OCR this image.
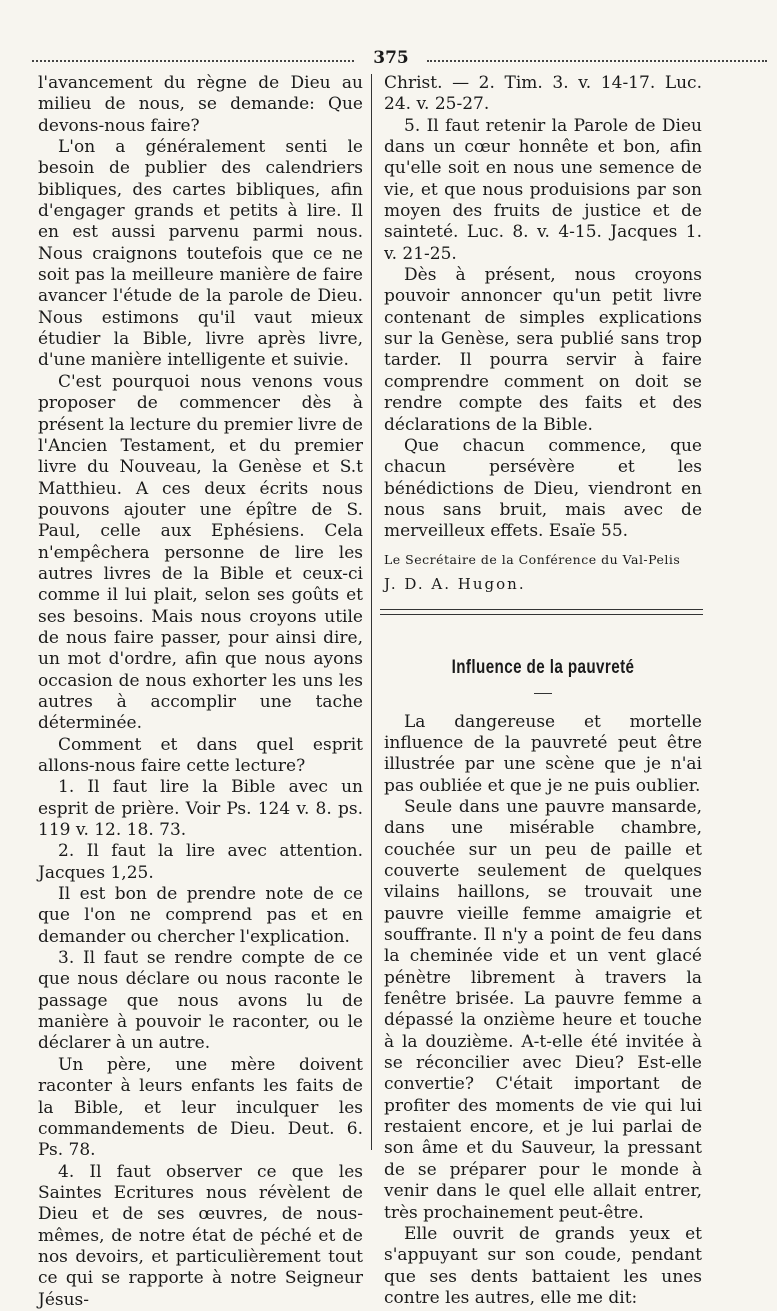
375

l'avancement du règne de Dieu au milieu de nous, se demande: Que devons-nous faire?

L'on a généralement senti le besoin de publier des calendriers bibliques, des cartes bibliques, afin d'engager grands et petits à lire. Il en est aussi parvenu parmi nous. Nous craignons toutefois que ce ne soit pas la meilleure manière de faire avancer l'étude de la parole de Dieu. Nous estimons qu'il vaut mieux étudier la Bible, livre après livre, d'une manière intelligente et suivie.

C'est pourquoi nous venons vous proposer de commencer dès à présent la lecture du premier livre de l'Ancien Testament, et du premier livre du Nouveau, la Genèse et S.t Matthieu. A ces deux écrits nous pouvons ajouter une épître de S. Paul, celle aux Ephésiens. Cela n'empêchera personne de lire les autres livres de la Bible et ceux-ci comme il lui plait, selon ses goûts et ses besoins. Mais nous croyons utile de nous faire passer, pour ainsi dire, un mot d'ordre, afin que nous ayons occasion de nous exhorter les uns les autres à accomplir une tache déterminée.

Comment et dans quel esprit allons-nous faire cette lecture?

1. Il faut lire la Bible avec un esprit de prière. Voir Ps. 124 v. 8. ps. 119 v. 12. 18. 73.

2. Il faut la lire avec attention. Jacques 1,25.

Il est bon de prendre note de ce que l'on ne comprend pas et en demander ou chercher l'explication.

3. Il faut se rendre compte de ce que nous déclare ou nous raconte le passage que nous avons lu de manière à pouvoir le raconter, ou le déclarer à un autre.

Un père, une mère doivent raconter à leurs enfants les faits de la Bible, et leur inculquer les commandements de Dieu. Deut. 6. Ps. 78.

4. Il faut observer ce que les Saintes Ecritures nous révèlent de Dieu et de ses œuvres, de nous-mêmes, de notre état de péché et de nos devoirs, et particulièrement tout ce qui se rapporte à notre Seigneur Jésus-

Christ. — 2. Tim. 3. v. 14-17. Luc. 24. v. 25-27.

5. Il faut retenir la Parole de Dieu dans un cœur honnête et bon, afin qu'elle soit en nous une semence de vie, et que nous produisions par son moyen des fruits de justice et de sainteté. Luc. 8. v. 4-15. Jacques 1. v. 21-25.

Dès à présent, nous croyons pouvoir annoncer qu'un petit livre contenant de simples explications sur la Genèse, sera publié sans trop tarder. Il pourra servir à faire comprendre comment on doit se rendre compte des faits et des déclarations de la Bible.

Que chacun commence, que chacun persévère et les bénédictions de Dieu, viendront en nous sans bruit, mais avec de merveilleux effets. Esaïe 55.

Le Secrétaire de la Conférence du Val-Pelis

J. D. A. Hugon.

Influence de la pauvreté

La dangereuse et mortelle influence de la pauvreté peut être illustrée par une scène que je n'ai pas oubliée et que je ne puis oublier.

Seule dans une pauvre mansarde, dans une misérable chambre, couchée sur un peu de paille et couverte seulement de quelques vilains haillons, se trouvait une pauvre vieille femme amaigrie et souffrante. Il n'y a point de feu dans la cheminée vide et un vent glacé pénètre librement à travers la fenêtre brisée. La pauvre femme a dépassé la onzième heure et touche à la douzième. A-t-elle été invitée à se réconcilier avec Dieu? Est-elle convertie? C'était important de profiter des moments de vie qui lui restaient encore, et je lui parlai de son âme et du Sauveur, la pressant de se préparer pour le monde à venir dans le quel elle allait entrer, très prochainement peut-être.

Elle ouvrit de grands yeux et s'appuyant sur son coude, pendant que ses dents battaient les unes contre les autres, elle me dit:
